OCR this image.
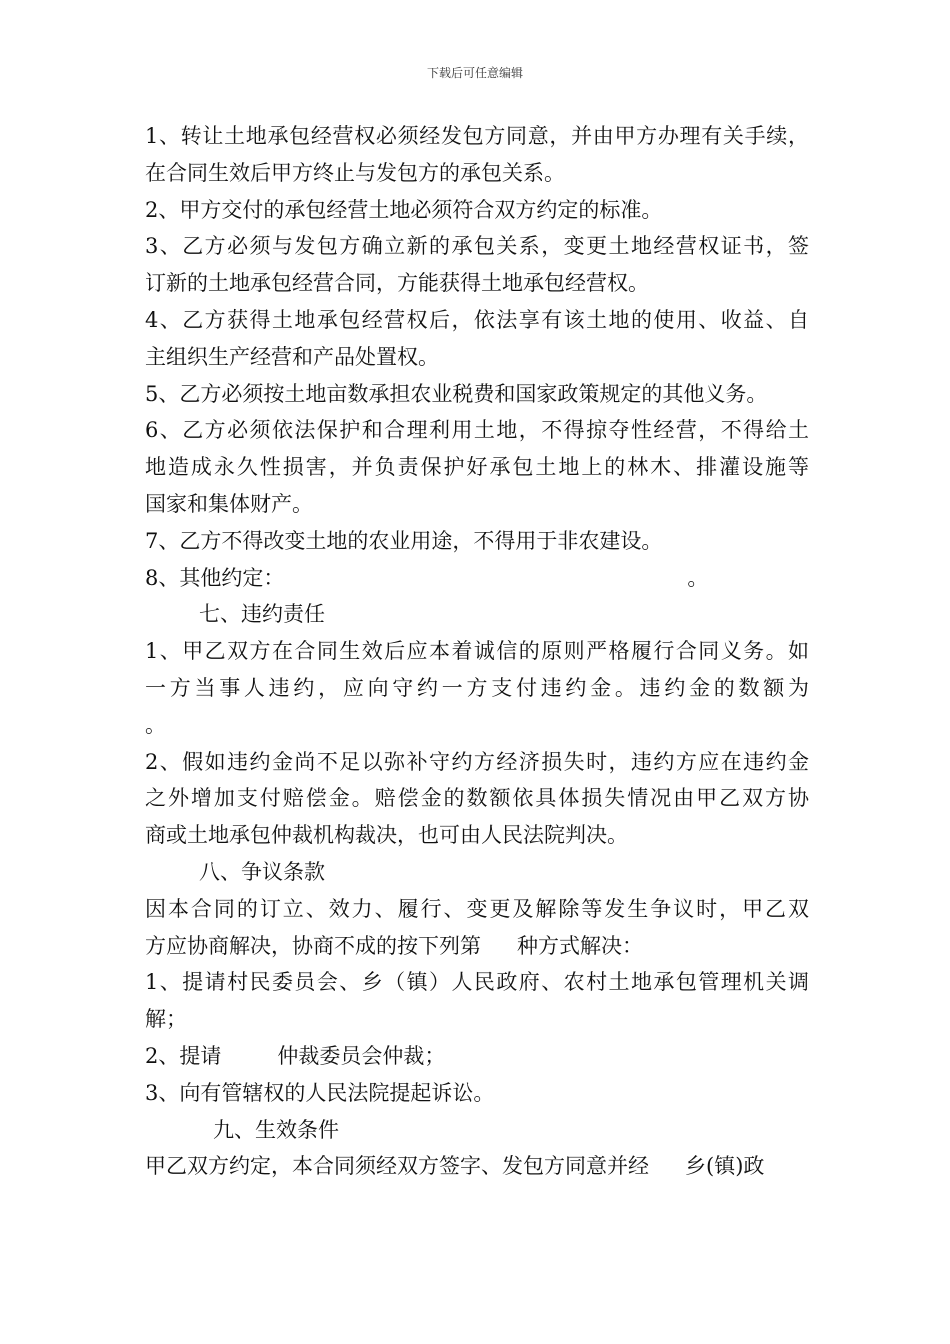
下载后可任意编辑
1、转让土地承包经营权必须经发包方同意，并由甲方办理有关手续，
在合同生效后甲方终止与发包方的承包关系。
2、甲方交付的承包经营土地必须符合双方约定的标准。
3、乙方必须与发包方确立新的承包关系，变更土地经营权证书，签
订新的土地承包经营合同，方能获得土地承包经营权。
4、乙方获得土地承包经营权后，依法享有该土地的使用、收益、自
主组织生产经营和产品处置权。
5、乙方必须按土地亩数承担农业税费和国家政策规定的其他义务。
6、乙方必须依法保护和合理利用土地，不得掠夺性经营，不得给土
地造成永久性损害，并负责保护好承包土地上的林木、排灌设施等
国家和集体财产。
7、乙方不得改变土地的农业用途，不得用于非农建设。
8、其他约定：	。
七、违约责任
1、甲乙双方在合同生效后应本着诚信的原则严格履行合同义务。如
一方当事人违约，应向守约一方支付违约金。违约金的数额为
。
2、假如违约金尚不足以弥补守约方经济损失时，违约方应在违约金
之外增加支付赔偿金。赔偿金的数额依具体损失情况由甲乙双方协
商或土地承包仲裁机构裁决，也可由人民法院判决。
八、争议条款
因本合同的订立、效力、履行、变更及解除等发生争议时，甲乙双
方应协商解决，协商不成的按下列第 种方式解决：
1、提请村民委员会、乡（镇）人民政府、农村土地承包管理机关调
解；
2、提请	仲裁委员会仲裁；
3、向有管辖权的人民法院提起诉讼。
九、生效条件
甲乙双方约定，本合同须经双方签字、发包方同意并经 乡(镇)政
